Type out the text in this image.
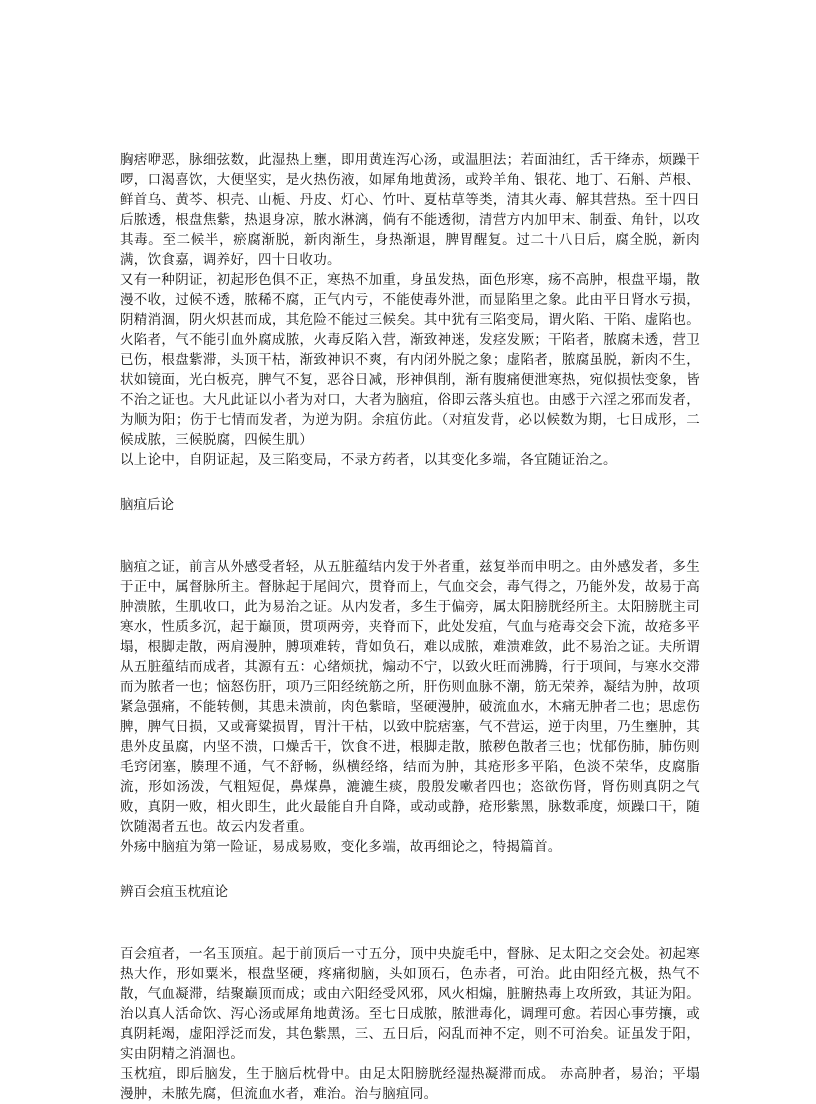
胸痞咿恶，脉细弦数，此湿热上壅，即用黄连泻心汤，或温胆法；若面油红，舌干绛赤，烦躁干啰，口渴喜饮，大便坚实，是火热伤液，如犀角地黄汤，或羚羊角、银花、地丁、石斛、芦根、鲜首乌、黄芩、枳壳、山栀、丹皮、灯心、竹叶、夏枯草等类，清其火毒、解其营热。至十四日后脓透，根盘焦紫，热退身凉，脓水淋漓，倘有不能透彻，清营方内加甲末、制蚕、角针，以攻其毒。至二候半，瘀腐渐脱，新肉渐生，身热渐退，脾胃醒复。过二十八日后，腐全脱，新肉满，饮食嘉，调养好，四十日收功。

又有一种阴证，初起形色俱不正，寒热不加重，身虽发热，面色形寒，疡不高肿，根盘平塌，散漫不收，过候不透，脓稀不腐，正气内亏，不能使毒外泄，而显陷里之象。此由平日肾水亏损，阴精消涸，阴火炽甚而成，其危险不能过三候矣。其中犹有三陷变局，谓火陷、干陷、虚陷也。火陷者，气不能引血外腐成脓，火毒反陷入营，渐致神迷，发痉发厥；干陷者，脓腐未透，营卫已伤，根盘紫滞，头顶干枯，渐致神识不爽，有内闭外脱之象；虚陷者，脓腐虽脱，新肉不生，状如镜面，光白板亮，脾气不复，恶谷日减，形神俱削，渐有腹痛便泄寒热，宛似损怯变象，皆不治之证也。大凡此证以小者为对口，大者为脑疽，俗即云落头疽也。由感于六淫之邪而发者，为顺为阳；伤于七情而发者，为逆为阴。余疽仿此。（对疽发背，必以候数为期，七日成形，二候成脓，三候脱腐，四候生肌）

以上论中，自阴证起，及三陷变局，不录方药者，以其变化多端，各宜随证治之。

脑疽后论

脑疽之证，前言从外感受者轻，从五脏蕴结内发于外者重，兹复举而申明之。由外感发者，多生于正中，属督脉所主。督脉起于尾闾穴，贯脊而上，气血交会，毒气得之，乃能外发，故易于高肿溃脓，生肌收口，此为易治之证。从内发者，多生于偏旁，属太阳膀胱经所主。太阳膀胱主司寒水，性质多沉，起于巅顶，贯项两旁，夹脊而下，此处发疽，气血与疮毒交会下流，故疮多平塌，根脚走散，两肩漫肿，膊项难转，背如负石，难以成脓，难溃难敛，此不易治之证。夫所谓从五脏蕴结而成者，其源有五：心绪烦扰，煽动不宁，以致火旺而沸腾，行于项间，与寒水交滞而为脓者一也；恼怒伤肝，项乃三阳经统筋之所，肝伤则血脉不潮，筋无荣养，凝结为肿，故项紧急强痛，不能转侧，其患未溃前，肉色紫暗，坚硬漫肿，破流血水，木痛无肿者二也；思虑伤脾，脾气日损，又或膏粱损胃，胃汁干枯，以致中脘痞塞，气不营运，逆于肉里，乃生壅肿，其患外皮虽腐，内坚不溃，口燥舌干，饮食不进，根脚走散，脓秽色散者三也；忧郁伤肺，肺伤则毛窍闭塞，腠理不通，气不舒畅，纵横经络，结而为肿，其疮形多平陷，色淡不荣华，皮腐脂流，形如汤泼，气粗短促，鼻煤鼻，漉漉生痰，殷殷发嗽者四也；恣欲伤肾，肾伤则真阴之气败，真阴一败，相火即生，此火最能自升自降，或动或静，疮形紫黑，脉数乖度，烦躁口干，随饮随渴者五也。故云内发者重。

外疡中脑疽为第一险证，易成易败，变化多端，故再细论之，特揭篇首。

辨百会疽玉枕疽论

百会疽者，一名玉顶疽。起于前顶后一寸五分，顶中央旋毛中，督脉、足太阳之交会处。初起寒热大作，形如粟米，根盘坚硬，疼痛彻脑，头如顶石，色赤者，可治。此由阳经亢极，热气不散，气血凝滞，结聚巅顶而成；或由六阳经受风邪，风火相煽，脏腑热毒上攻所致，其证为阳。治以真人活命饮、泻心汤或犀角地黄汤。至七日成脓，脓泄毒化，调理可愈。若因心事劳攘，或真阴耗竭，虚阳浮泛而发，其色紫黑，三、五日后，闷乱而神不定，则不可治矣。证虽发于阳，实由阴精之消涸也。

玉枕疽，即后脑发，生于脑后枕骨中。由足太阳膀胱经湿热凝滞而成。 赤高肿者，易治；平塌漫肿，未脓先腐，但流血水者，难治。治与脑疽同。
